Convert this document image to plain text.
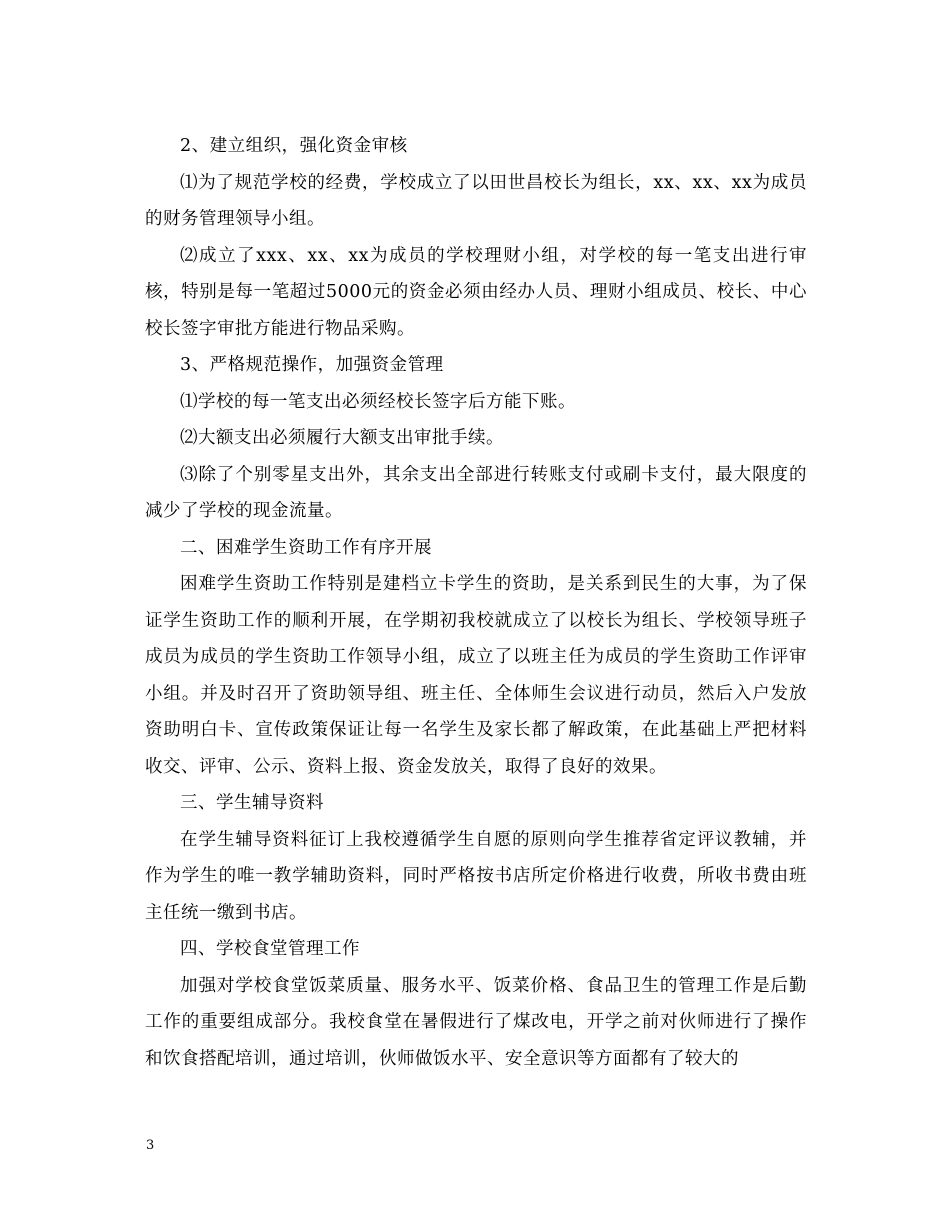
2、建立组织，强化资金审核

⑴为了规范学校的经费，学校成立了以田世昌校长为组长，xx、xx、xx为成员的财务管理领导小组。

⑵成立了xxx、xx、xx为成员的学校理财小组，对学校的每一笔支出进行审核，特别是每一笔超过5000元的资金必须由经办人员、理财小组成员、校长、中心校长签字审批方能进行物品采购。

3、严格规范操作，加强资金管理

⑴学校的每一笔支出必须经校长签字后方能下账。

⑵大额支出必须履行大额支出审批手续。

⑶除了个别零星支出外，其余支出全部进行转账支付或刷卡支付，最大限度的减少了学校的现金流量。

二、困难学生资助工作有序开展

困难学生资助工作特别是建档立卡学生的资助，是关系到民生的大事，为了保证学生资助工作的顺利开展，在学期初我校就成立了以校长为组长、学校领导班子成员为成员的学生资助工作领导小组，成立了以班主任为成员的学生资助工作评审小组。并及时召开了资助领导组、班主任、全体师生会议进行动员，然后入户发放资助明白卡、宣传政策保证让每一名学生及家长都了解政策，在此基础上严把材料收交、评审、公示、资料上报、资金发放关，取得了良好的效果。

三、学生辅导资料

在学生辅导资料征订上我校遵循学生自愿的原则向学生推荐省定评议教辅，并作为学生的唯一教学辅助资料，同时严格按书店所定价格进行收费，所收书费由班主任统一缴到书店。

四、学校食堂管理工作

加强对学校食堂饭菜质量、服务水平、饭菜价格、食品卫生的管理工作是后勤工作的重要组成部分。我校食堂在暑假进行了煤改电，开学之前对伙师进行了操作和饮食搭配培训，通过培训，伙师做饭水平、安全意识等方面都有了较大的

3
